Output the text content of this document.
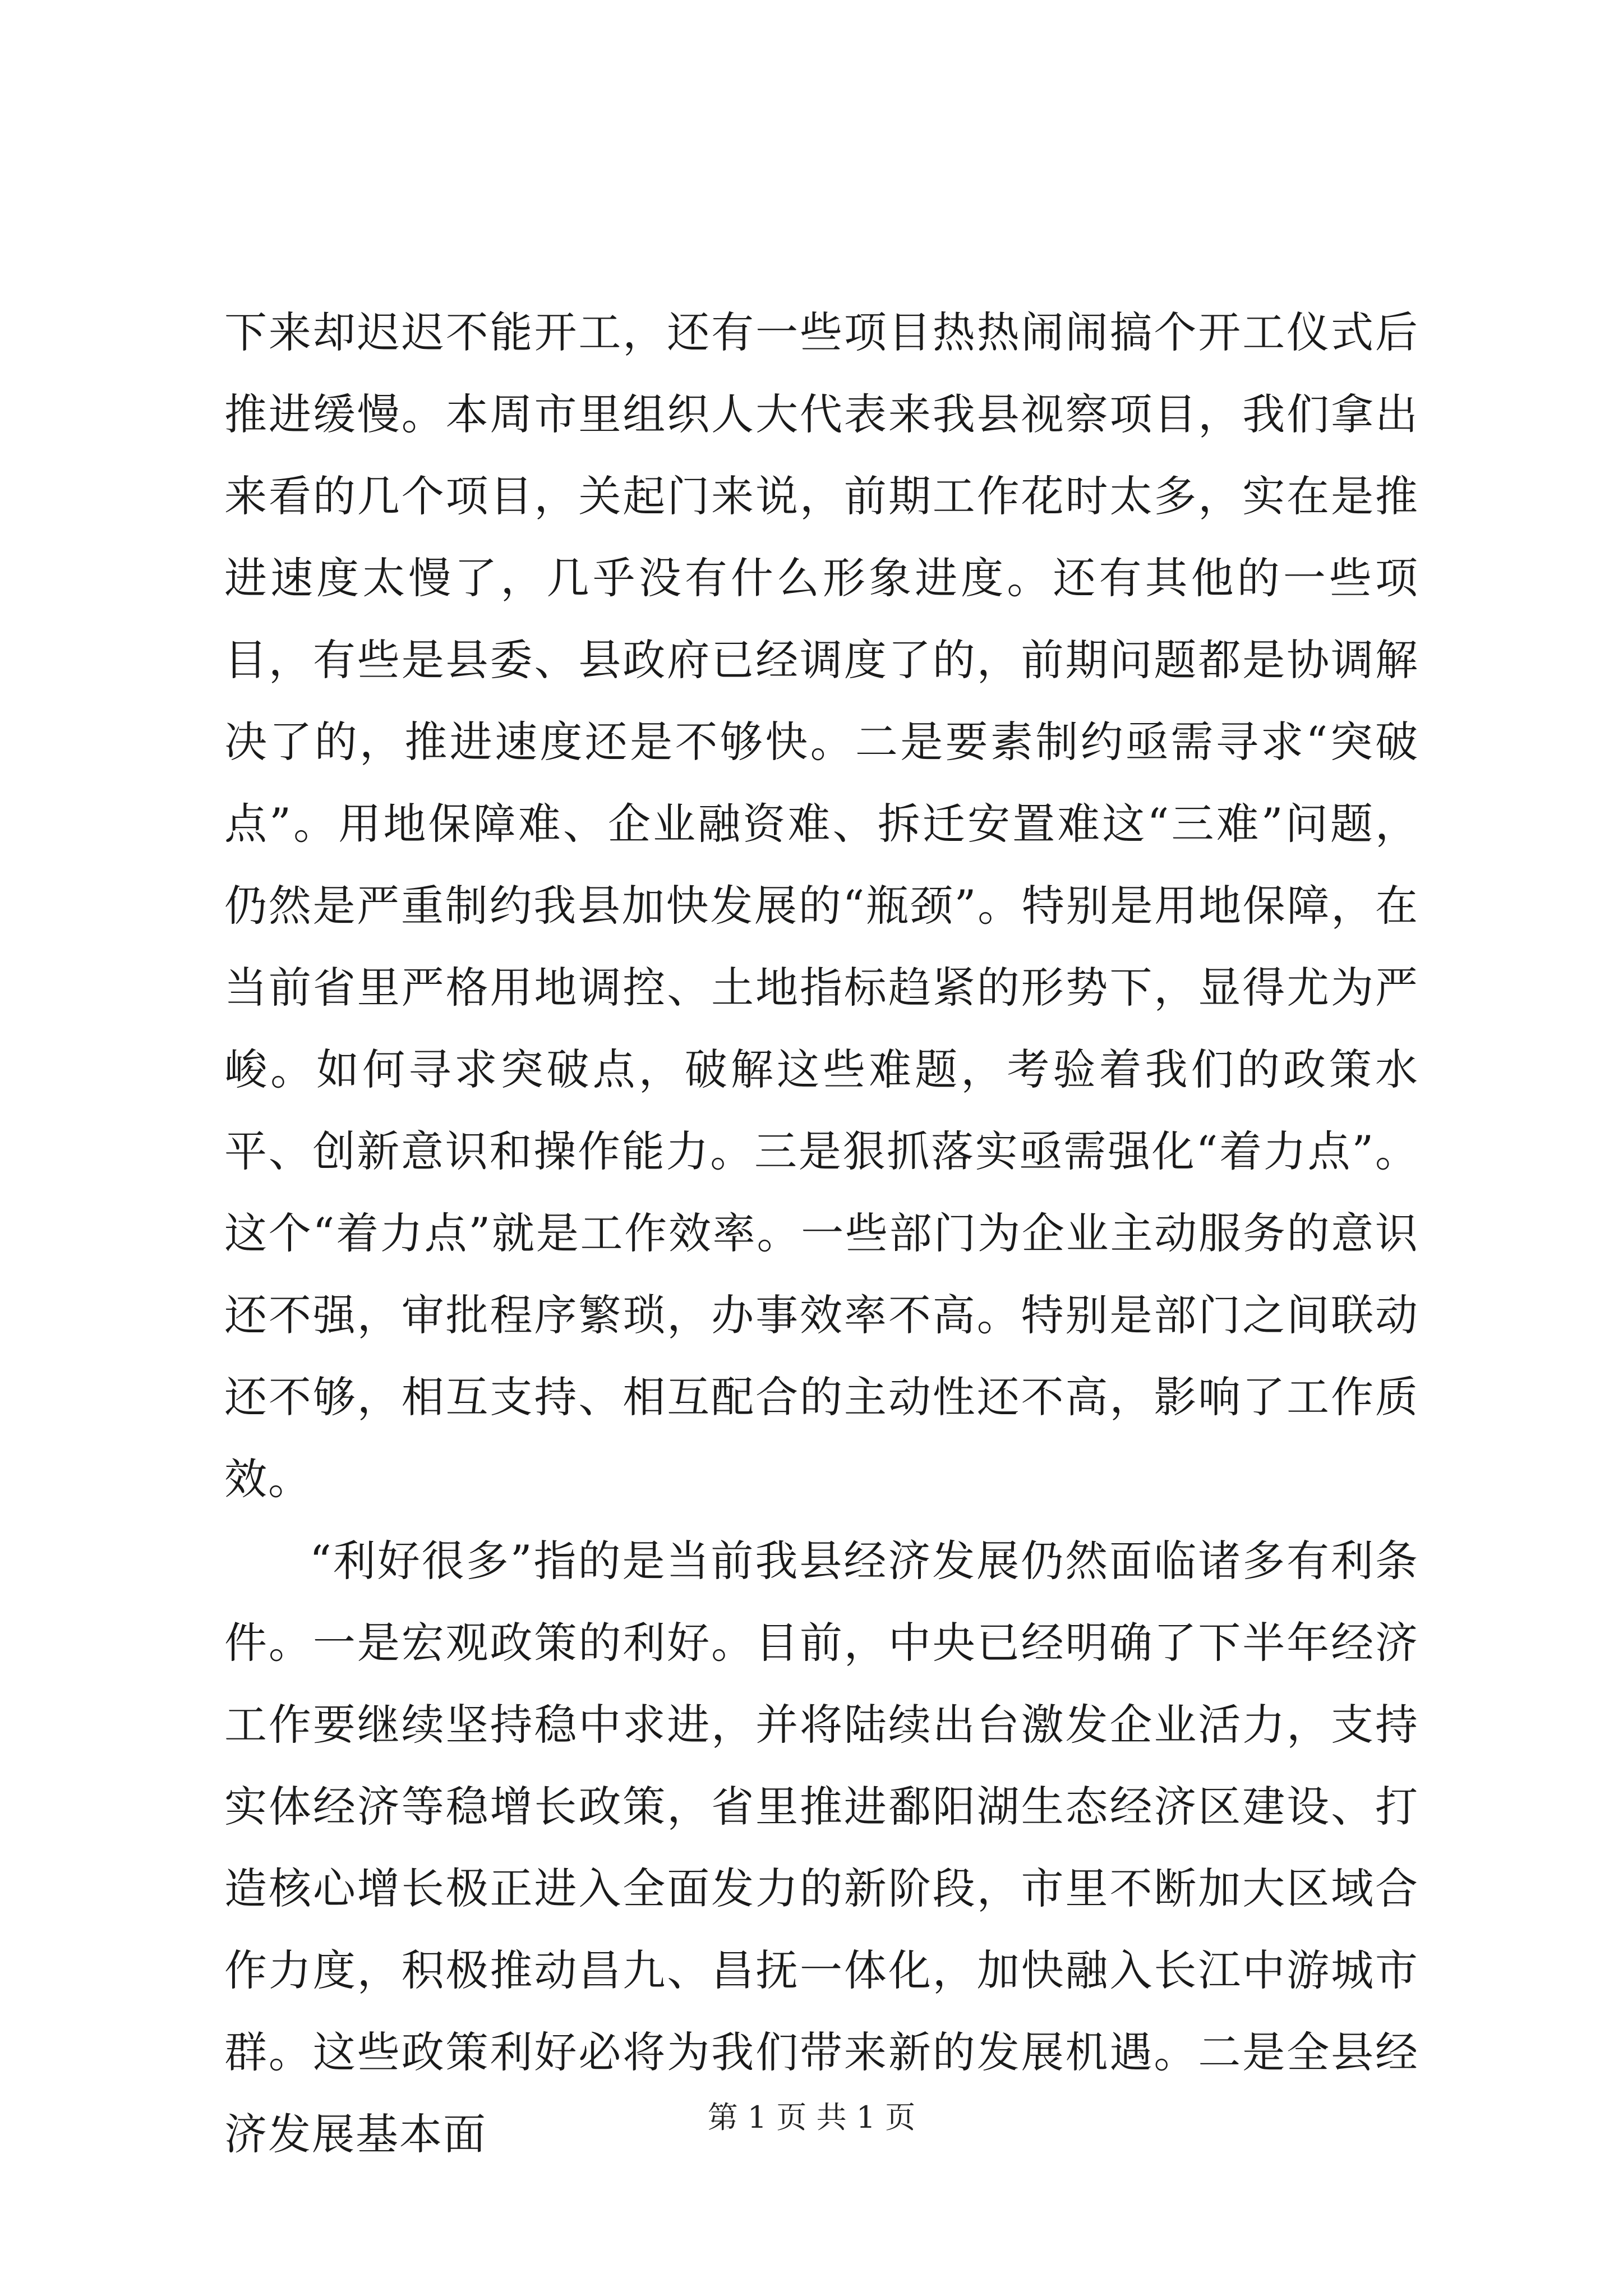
下来却迟迟不能开工，还有一些项目热热闹闹搞个开工仪式后推进缓慢。本周市里组织人大代表来我县视察项目，我们拿出来看的几个项目，关起门来说，前期工作花时太多，实在是推进速度太慢了，几乎没有什么形象进度。还有其他的一些项目，有些是县委、县政府已经调度了的，前期问题都是协调解决了的，推进速度还是不够快。二是要素制约亟需寻求“突破点”。用地保障难、企业融资难、拆迁安置难这“三难”问题，仍然是严重制约我县加快发展的“瓶颈”。特别是用地保障，在当前省里严格用地调控、土地指标趋紧的形势下，显得尤为严峻。如何寻求突破点，破解这些难题，考验着我们的政策水平、创新意识和操作能力。三是狠抓落实亟需强化“着力点”。这个“着力点”就是工作效率。一些部门为企业主动服务的意识还不强，审批程序繁琐，办事效率不高。特别是部门之间联动还不够，相互支持、相互配合的主动性还不高，影响了工作质效。

“利好很多”指的是当前我县经济发展仍然面临诸多有利条件。一是宏观政策的利好。目前，中央已经明确了下半年经济工作要继续坚持稳中求进，并将陆续出台激发企业活力，支持实体经济等稳增长政策，省里推进鄱阳湖生态经济区建设、打造核心增长极正进入全面发力的新阶段，市里不断加大区域合作力度，积极推动昌九、昌抚一体化，加快融入长江中游城市群。这些政策利好必将为我们带来新的发展机遇。二是全县经济发展基本面	第 1 页 共 1 页
